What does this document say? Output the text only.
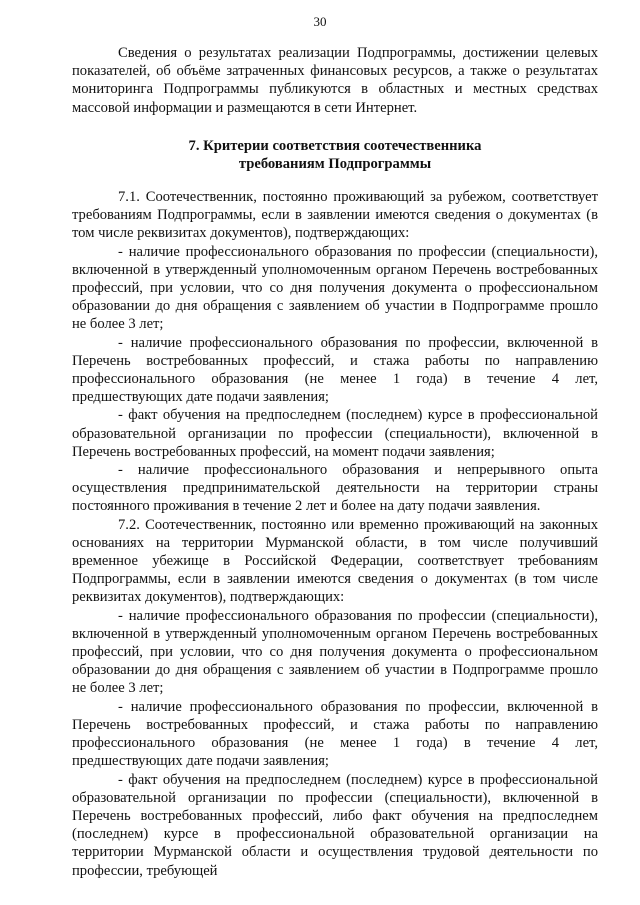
30

Сведения о результатах реализации Подпрограммы, достижении целевых показателей, об объёме затраченных финансовых ресурсов, а также о результатах мониторинга Подпрограммы публикуются в областных и местных средствах массовой информации и размещаются в сети Интернет.

7. Критерии соответствия соотечественника
требованиям Подпрограммы

7.1. Соотечественник, постоянно проживающий за рубежом, соответствует требованиям Подпрограммы, если в заявлении имеются сведения о документах (в том числе реквизитах документов), подтверждающих:

- наличие профессионального образования по профессии (специальности), включенной в утвержденный уполномоченным органом Перечень востребованных профессий, при условии, что со дня получения документа о профессиональном образовании до дня обращения с заявлением об участии в Подпрограмме прошло не более 3 лет;

- наличие профессионального образования по профессии, включенной в Перечень востребованных профессий, и стажа работы по направлению профессионального образования (не менее 1 года) в течение 4 лет, предшествующих дате подачи заявления;

- факт обучения на предпоследнем (последнем) курсе в профессиональной образовательной организации по профессии (специальности), включенной в Перечень востребованных профессий, на момент подачи заявления;

- наличие профессионального образования и непрерывного опыта осуществления предпринимательской деятельности на территории страны постоянного проживания в течение 2 лет и более на дату подачи заявления.

7.2. Соотечественник, постоянно или временно проживающий на законных основаниях на территории Мурманской области, в том числе получивший временное убежище в Российской Федерации, соответствует требованиям Подпрограммы, если в заявлении имеются сведения о документах (в том числе реквизитах документов), подтверждающих:

- наличие профессионального образования по профессии (специальности), включенной в утвержденный уполномоченным органом Перечень востребованных профессий, при условии, что со дня получения документа о профессиональном образовании до дня обращения с заявлением об участии в Подпрограмме прошло не более 3 лет;

- наличие профессионального образования по профессии, включенной в Перечень востребованных профессий, и стажа работы по направлению профессионального образования (не менее 1 года) в течение 4 лет, предшествующих дате подачи заявления;

- факт обучения на предпоследнем (последнем) курсе в профессиональной образовательной организации по профессии (специальности), включенной в Перечень востребованных профессий, либо факт обучения на предпоследнем (последнем) курсе в профессиональной образовательной организации на территории Мурманской области и осуществления трудовой деятельности по профессии, требующей
